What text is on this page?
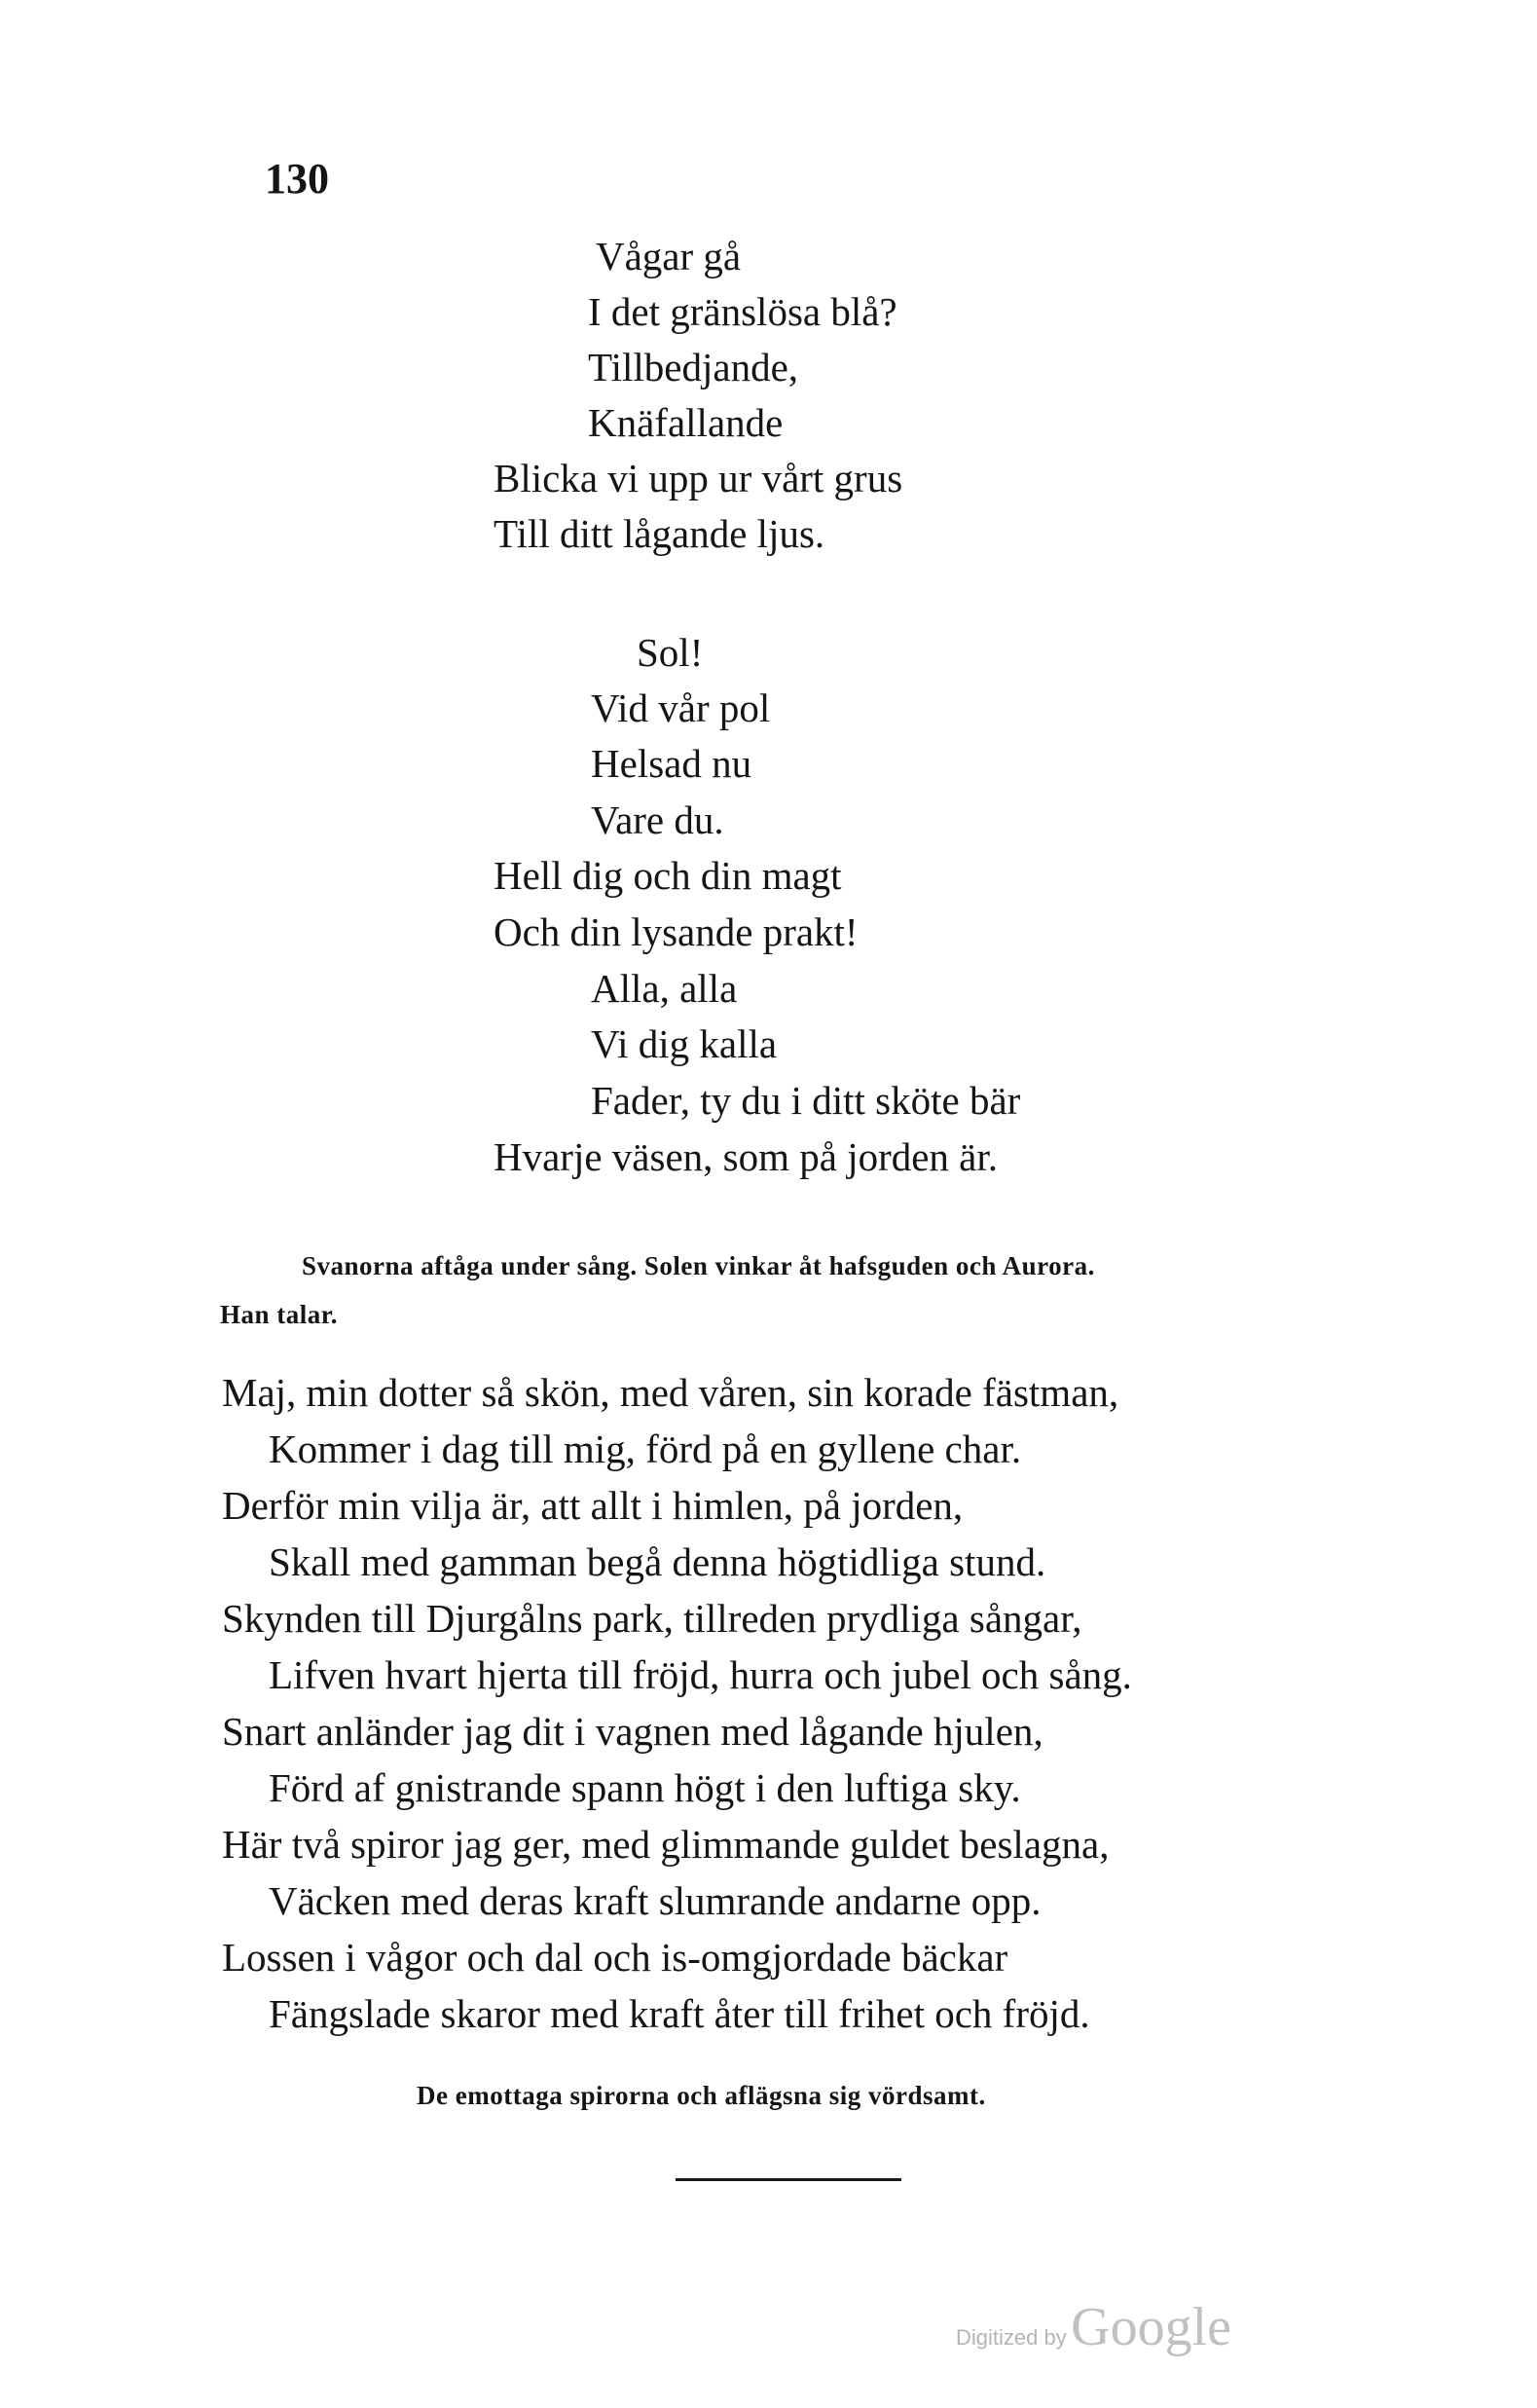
130
Vågar gå
I det gränslösa blå?
Tillbedjande,
Knäfallande
Blicka vi upp ur vårt grus
Till ditt lågande ljus.
Sol!
Vid vår pol
Helsad nu
Vare du.
Hell dig och din magt
Och din lysande prakt!
Alla, alla
Vi dig kalla
Fader, ty du i ditt sköte bär
Hvarje väsen, som på jorden är.
Svanorna aftåga under sång. Solen vinkar åt hafsguden och Aurora.
Han talar.
Maj, min dotter så skön, med våren, sin korade fästman,
Kommer i dag till mig, förd på en gyllene char.
Derför min vilja är, att allt i himlen, på jorden,
Skall med gamman begå denna högtidliga stund.
Skynden till Djurgålns park, tillreden prydliga sångar,
Lifven hvart hjerta till fröjd, hurra och jubel och sång.
Snart anländer jag dit i vagnen med lågande hjulen,
Förd af gnistrande spann högt i den luftiga sky.
Här två spiror jag ger, med glimmande guldet beslagna,
Väcken med deras kraft slumrande andarne opp.
Lossen i vågor och dal och is-omgjordade bäckar
Fängslade skaror med kraft åter till frihet och fröjd.
De emottaga spirorna och aflägsna sig vördsamt.
Digitized by Google
